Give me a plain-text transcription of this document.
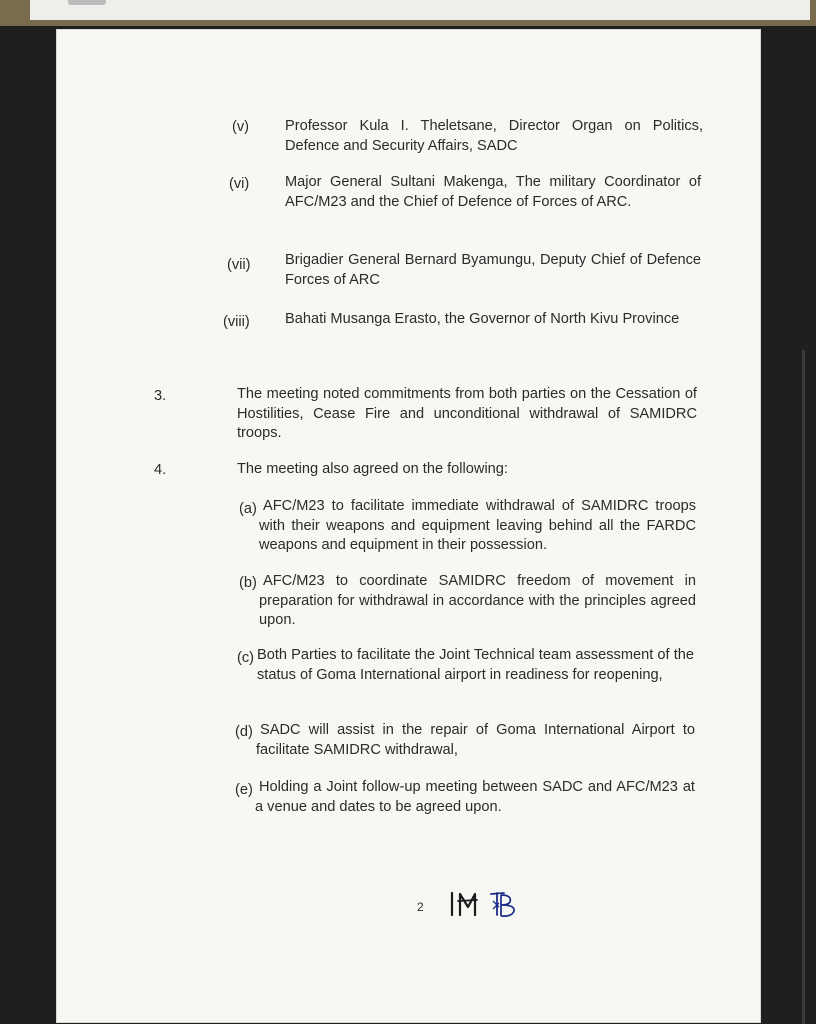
(v) Professor Kula I. Theletsane, Director Organ on Politics, Defence and Security Affairs, SADC

(vi) Major General Sultani Makenga, The military Coordinator of AFC/M23 and the Chief of Defence of Forces of ARC.

(vii) Brigadier General Bernard Byamungu, Deputy Chief of Defence Forces of ARC

(viii) Bahati Musanga Erasto, the Governor of North Kivu Province

3.	The meeting noted commitments from both parties on the Cessation of Hostilities, Cease Fire and unconditional withdrawal of SAMIDRC troops.

4.	The meeting also agreed on the following:

(a) AFC/M23 to facilitate immediate withdrawal of SAMIDRC troops with their weapons and equipment leaving behind all the FARDC weapons and equipment in their possession.

(b) AFC/M23 to coordinate SAMIDRC freedom of movement in preparation for withdrawal in accordance with the principles agreed upon.

(c) Both Parties to facilitate the Joint Technical team assessment of the status of Goma International airport in readiness for reopening,

(d) SADC will assist in the repair of Goma International Airport to facilitate SAMIDRC withdrawal,

(e) Holding a Joint follow-up meeting between SADC and AFC/M23 at a venue and dates to be agreed upon.

2
